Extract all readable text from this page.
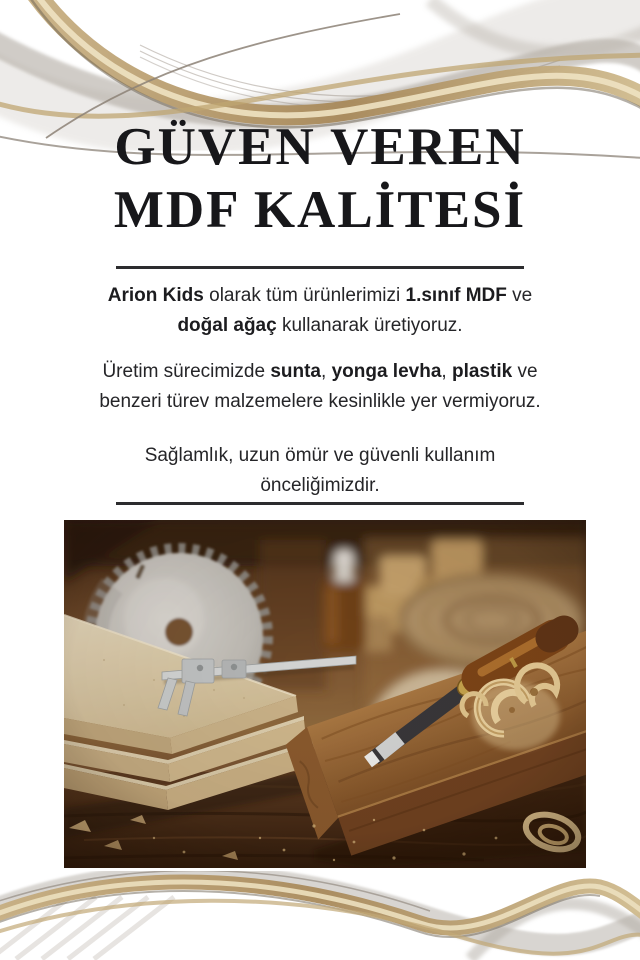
GÜVEN VEREN
MDF KALİTESİ

Arion Kids olarak tüm ürünlerimizi 1.sınıf MDF ve doğal ağaç kullanarak üretiyoruz.

Üretim sürecimizde sunta, yonga levha, plastik ve benzeri türev malzemelere kesinlikle yer vermiyoruz.

Sağlamlık, uzun ömür ve güvenli kullanım önceliğimizdir.
